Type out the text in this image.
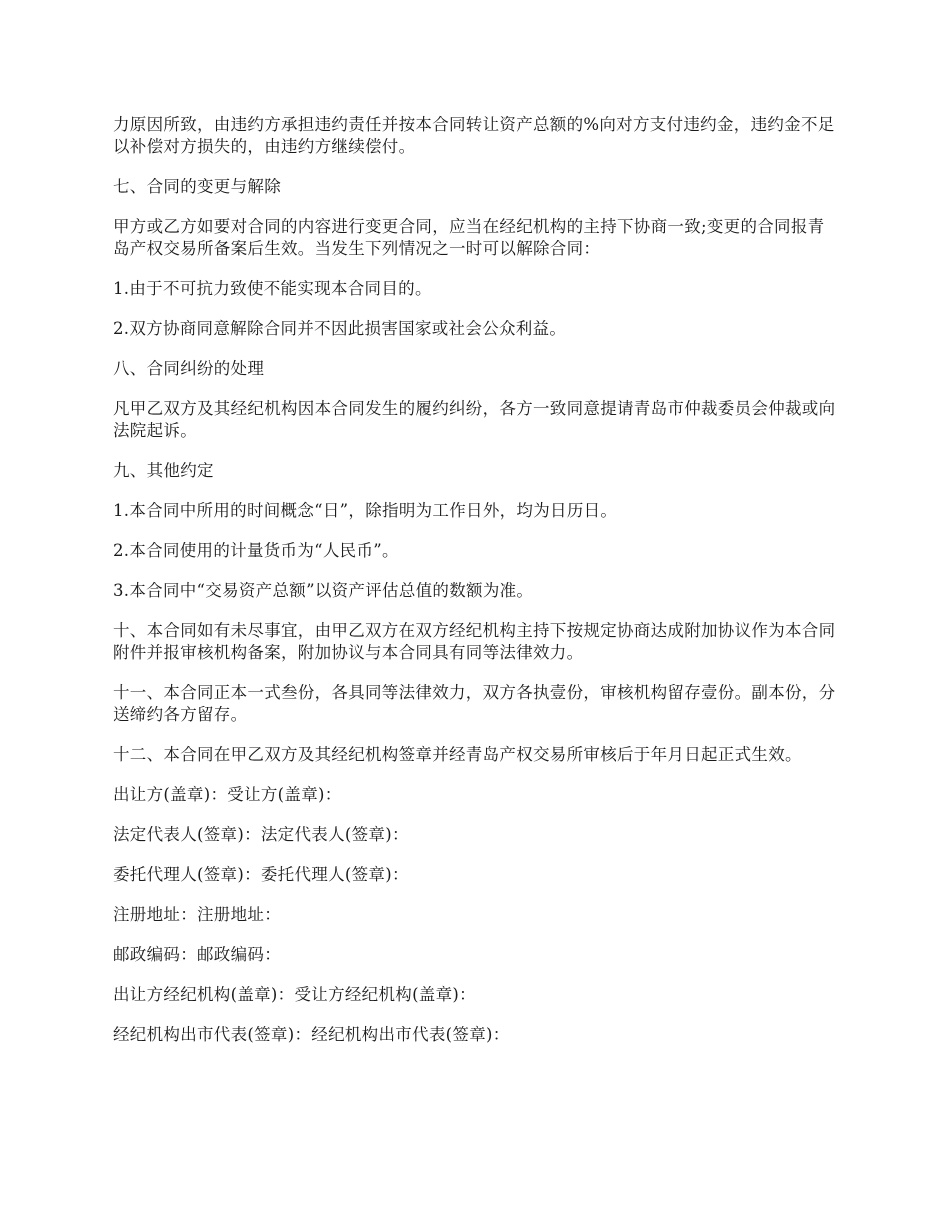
力原因所致，由违约方承担违约责任并按本合同转让资产总额的%向对方支付违约金，违约金不足以补偿对方损失的，由违约方继续偿付。

七、合同的变更与解除

甲方或乙方如要对合同的内容进行变更合同，应当在经纪机构的主持下协商一致;变更的合同报青岛产权交易所备案后生效。当发生下列情况之一时可以解除合同：

1.由于不可抗力致使不能实现本合同目的。

2.双方协商同意解除合同并不因此损害国家或社会公众利益。

八、合同纠纷的处理

凡甲乙双方及其经纪机构因本合同发生的履约纠纷，各方一致同意提请青岛市仲裁委员会仲裁或向法院起诉。

九、其他约定

1.本合同中所用的时间概念“日”，除指明为工作日外，均为日历日。

2.本合同使用的计量货币为“人民币”。

3.本合同中“交易资产总额”以资产评估总值的数额为准。

十、本合同如有未尽事宜，由甲乙双方在双方经纪机构主持下按规定协商达成附加协议作为本合同附件并报审核机构备案，附加协议与本合同具有同等法律效力。

十一、本合同正本一式叁份，各具同等法律效力，双方各执壹份，审核机构留存壹份。副本份，分送缔约各方留存。

十二、本合同在甲乙双方及其经纪机构签章并经青岛产权交易所审核后于年月日起正式生效。

出让方(盖章)：受让方(盖章)：

法定代表人(签章)：法定代表人(签章)：

委托代理人(签章)：委托代理人(签章)：

注册地址：注册地址：

邮政编码：邮政编码：

出让方经纪机构(盖章)：受让方经纪机构(盖章)：

经纪机构出市代表(签章)：经纪机构出市代表(签章)：
